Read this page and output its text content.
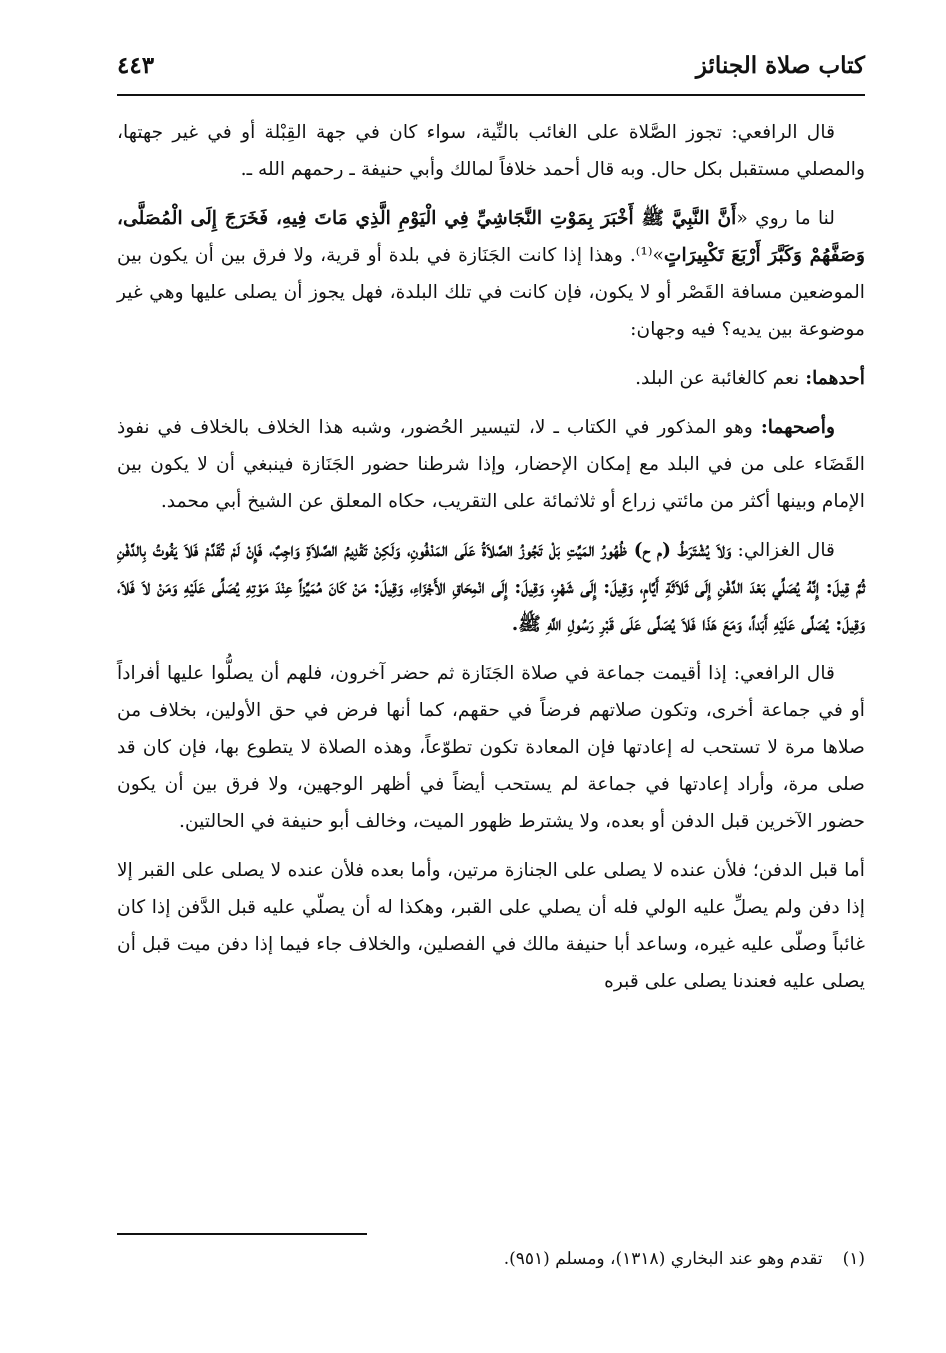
كتاب صلاة الجنائز
٤٤٣

قال الرافعي: تجوز الصَّلاة على الغائب بالنِّية، سواء كان في جهة القِبْلة أو في غير جهتها، والمصلي مستقبل بكل حال. وبه قال أحمد خلافاً لمالك وأبي حنيفة ـ رحمهم الله ـ.

لنا ما روي «أَنَّ النَّبِيَّ ﷺ أَخْبَرَ بِمَوْتِ النَّجَاشِيِّ فِي الْيَوْمِ الَّذِي مَاتَ فِيهِ، فَخَرَجَ إِلَى الْمُصَلَّى، وَصَفَّهُمْ وَكَبَّرَ أَرْبَعَ تَكْبِيرَاتٍ»⁽¹⁾. وهذا إذا كانت الجَنَازة في بلدة أو قرية، ولا فرق بين أن يكون بين الموضعين مسافة القَصْر أو لا يكون، فإن كانت في تلك البلدة، فهل يجوز أن يصلى عليها وهي غير موضوعة بين يديه؟ فيه وجهان:

أحدهما: نعم كالغائبة عن البلد.

وأصحهما: وهو المذكور في الكتاب ـ لا، لتيسير الحُضور، وشبه هذا الخلاف بالخلاف في نفوذ القَضَاء على من في البلد مع إمكان الإحضار، وإذا شرطنا حضور الجَنَازة فينبغي أن لا يكون بين الإمام وبينها أكثر من مائتي زراع أو ثلاثمائة على التقريب، حكاه المعلق عن الشيخ أبي محمد.

قال الغزالي: وَلاَ يُشْتَرَطُ (م ح) ظُهُورُ المَيِّتِ بَلْ تَجُوزُ الصَّلاَةُ عَلَى المَدْفُونِ، وَلَكِنْ تَقْدِيمُ الصَّلاَةِ وَاجِبٌ، فَإِنْ لَمْ تُقَدَّمْ فَلاَ يَفُوتُ بِالدَّفْنِ ثُمَّ قِيلَ: إِنَّهُ يُصَلِّي بَعْدَ الدَّفْنِ إِلَى ثَلاَثَةِ أَيَّامٍ، وَقِيلَ: إِلَى شَهْرٍ، وَقِيلَ: إِلَى انْمِحَاقِ الأَجْزَاءِ، وَقِيلَ: مَنْ كَانَ مُمَيِّزاً عِنْدَ مَوْتِهِ يُصَلِّى عَلَيْهِ وَمَنْ لاَ فَلاَ، وَقِيلَ: يُصَلَّى عَلَيْهِ أَبَداً، وَمَعَ هَذَا فَلاَ يُصَلَّى عَلَى قَبْرِ رَسُولِ اللَّهِ ﷺ.

قال الرافعي: إذا أقيمت جماعة في صلاة الجَنَازة ثم حضر آخرون، فلهم أن يصلُّوا عليها أفراداً أو في جماعة أخرى، وتكون صلاتهم فرضاً في حقهم، كما أنها فرض في حق الأولين، بخلاف من صلاها مرة لا تستحب له إعادتها فإن المعادة تكون تطوّعاً، وهذه الصلاة لا يتطوع بها، فإن كان قد صلى مرة، وأراد إعادتها في جماعة لم يستحب أيضاً في أظهر الوجهين، ولا فرق بين أن يكون حضور الآخرين قبل الدفن أو بعده، ولا يشترط ظهور الميت، وخالف أبو حنيفة في الحالتين.

أما قبل الدفن؛ فلأن عنده لا يصلى على الجنازة مرتين، وأما بعده فلأن عنده لا يصلى على القبر إلا إذا دفن ولم يصلِّ عليه الولي فله أن يصلي على القبر، وهكذا له أن يصلّي عليه قبل الدَّفن إذا كان غائباً وصلّى عليه غيره، وساعد أبا حنيفة مالك في الفصلين، والخلاف جاء فيما إذا دفن ميت قبل أن يصلى عليه فعندنا يصلى على قبره

(١)تقدم وهو عند البخاري (١٣١٨)، ومسلم (٩٥١).
